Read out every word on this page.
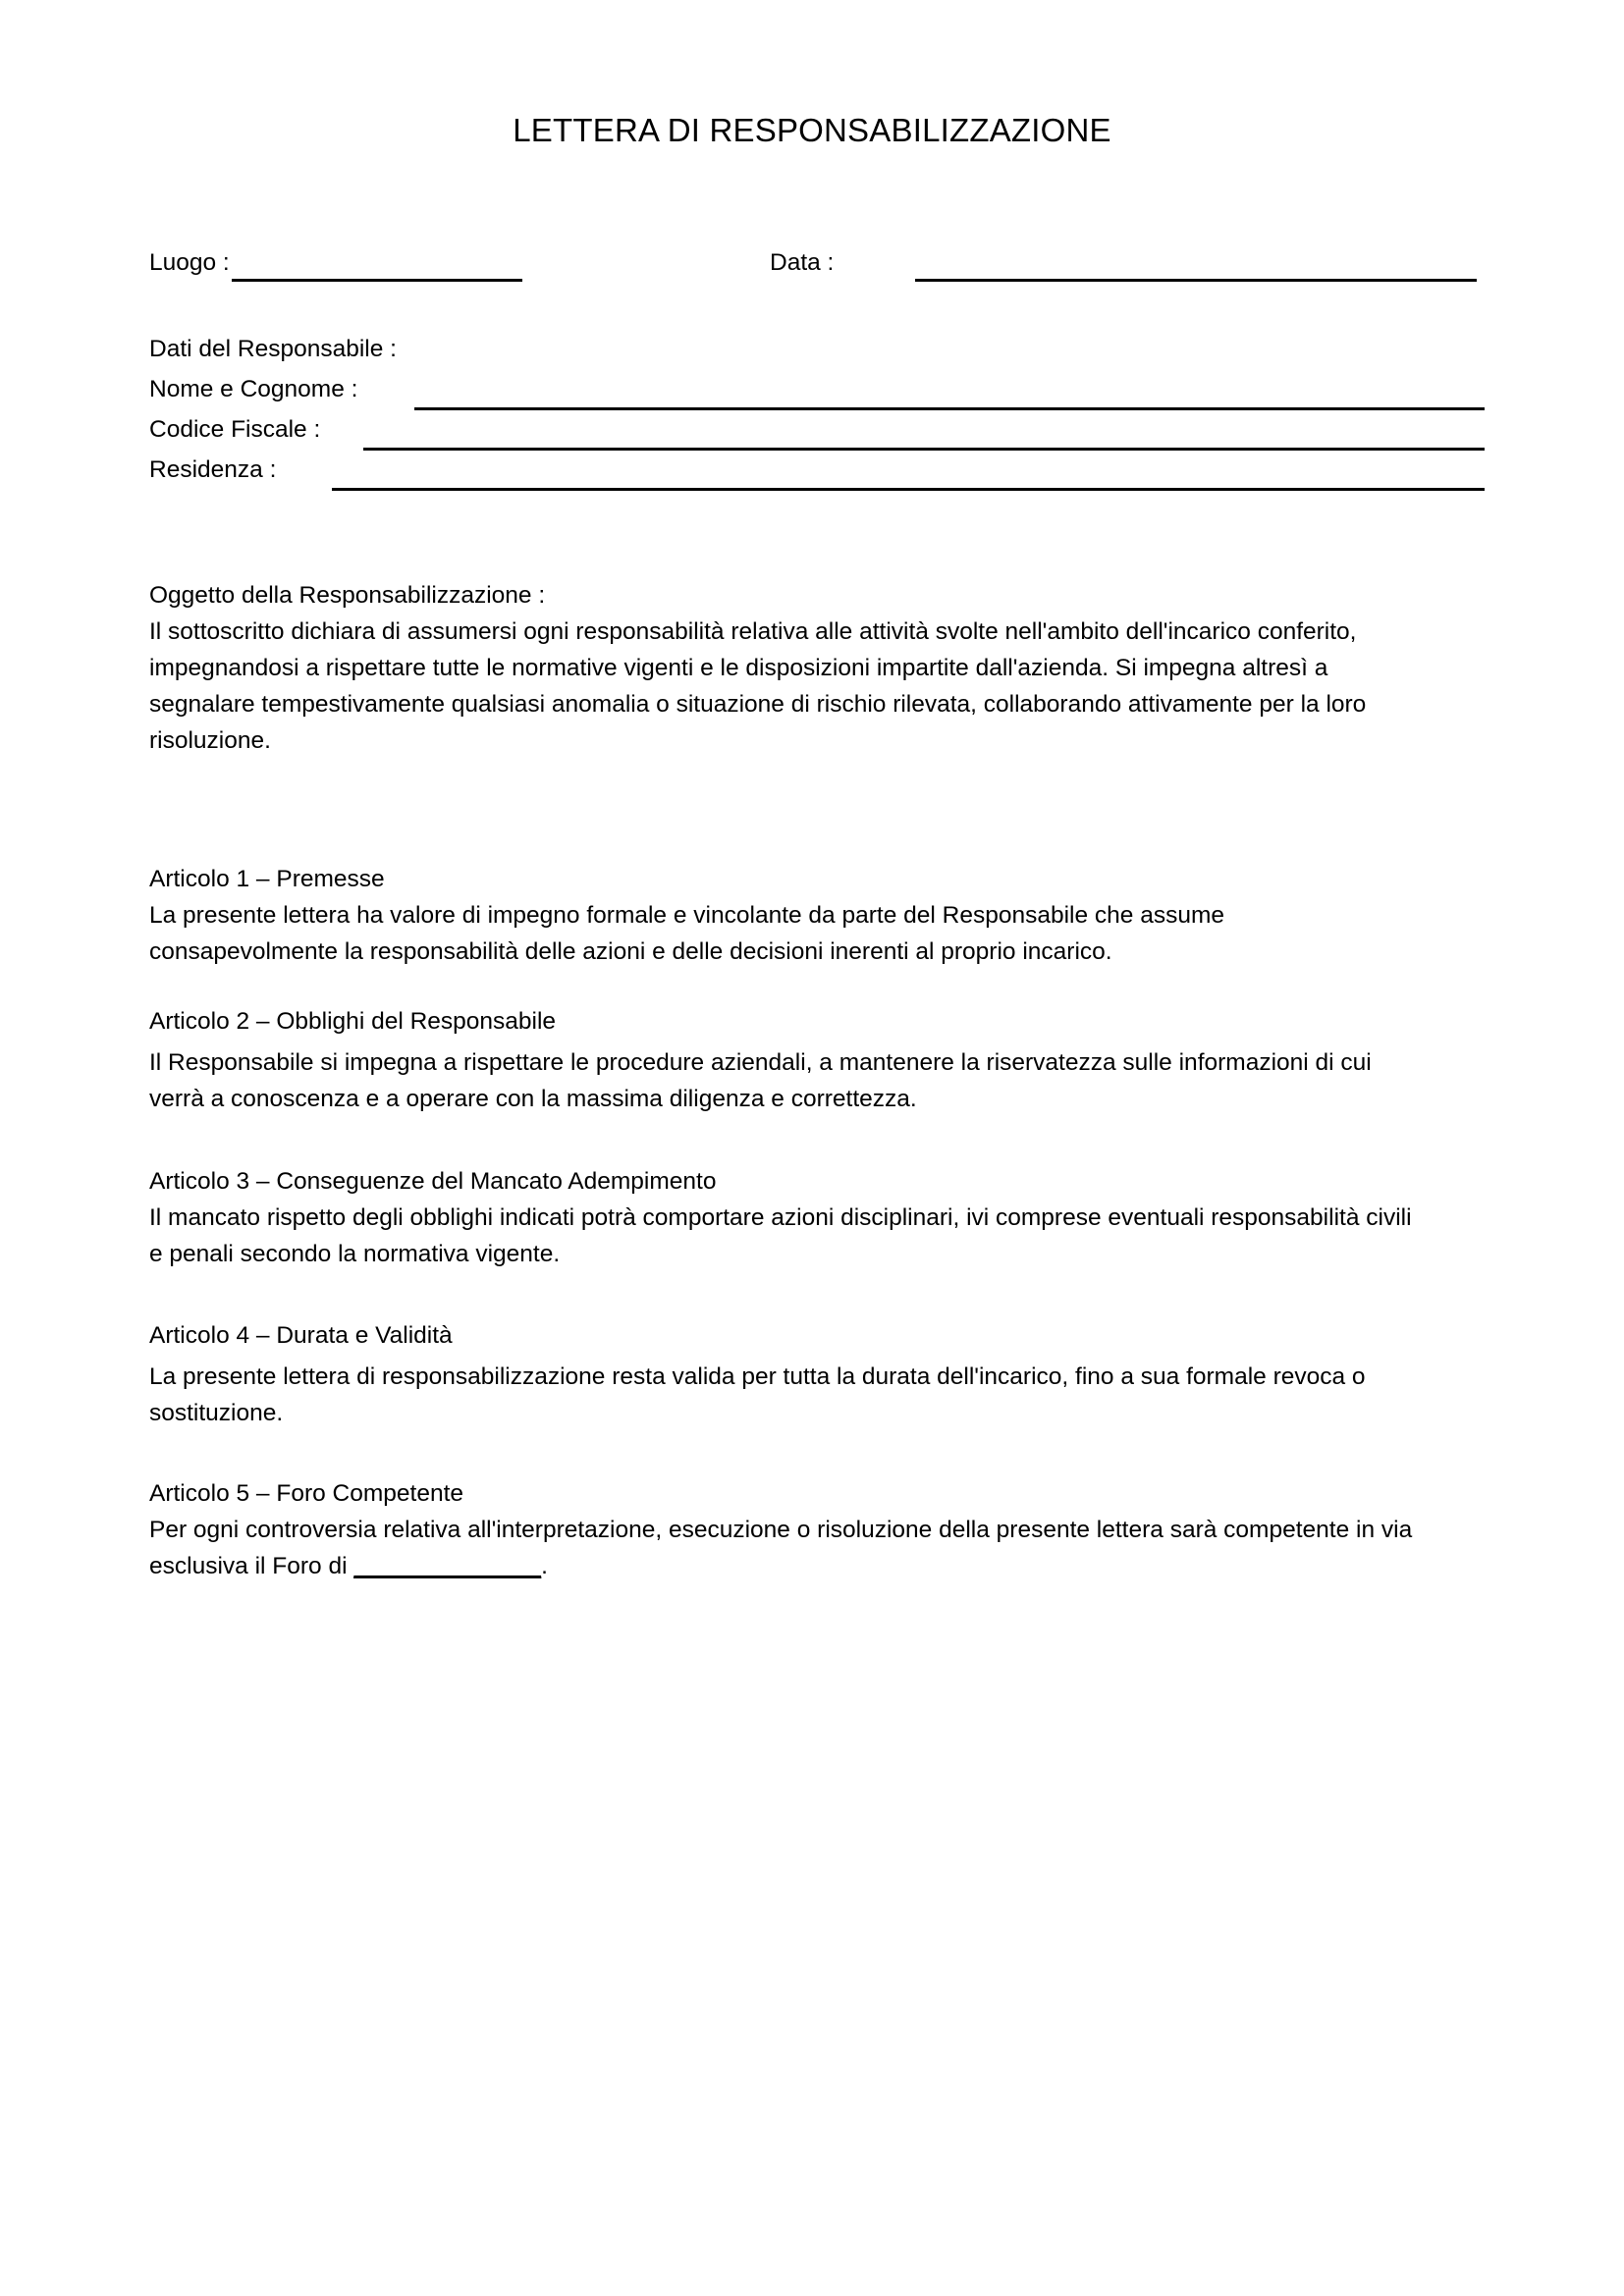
LETTERA DI RESPONSABILIZZAZIONE
Luogo :	Data :
Dati del Responsabile :
Nome e Cognome :
Codice Fiscale :
Residenza :
Oggetto della Responsabilizzazione :
Il sottoscritto dichiara di assumersi ogni responsabilità relativa alle attività svolte nell'ambito dell'incarico conferito, impegnandosi a rispettare tutte le normative vigenti e le disposizioni impartite dall'azienda. Si impegna altresì a segnalare tempestivamente qualsiasi anomalia o situazione di rischio rilevata, collaborando attivamente per la loro risoluzione.
Articolo 1 – Premesse
La presente lettera ha valore di impegno formale e vincolante da parte del Responsabile che assume consapevolmente la responsabilità delle azioni e delle decisioni inerenti al proprio incarico.
Articolo 2 – Obblighi del Responsabile
Il Responsabile si impegna a rispettare le procedure aziendali, a mantenere la riservatezza sulle informazioni di cui verrà a conoscenza e a operare con la massima diligenza e correttezza.
Articolo 3 – Conseguenze del Mancato Adempimento
Il mancato rispetto degli obblighi indicati potrà comportare azioni disciplinari, ivi comprese eventuali responsabilità civili e penali secondo la normativa vigente.
Articolo 4 – Durata e Validità
La presente lettera di responsabilizzazione resta valida per tutta la durata dell'incarico, fino a sua formale revoca o sostituzione.
Articolo 5 – Foro Competente
Per ogni controversia relativa all'interpretazione, esecuzione o risoluzione della presente lettera sarà competente in via esclusiva il Foro di ______________.
